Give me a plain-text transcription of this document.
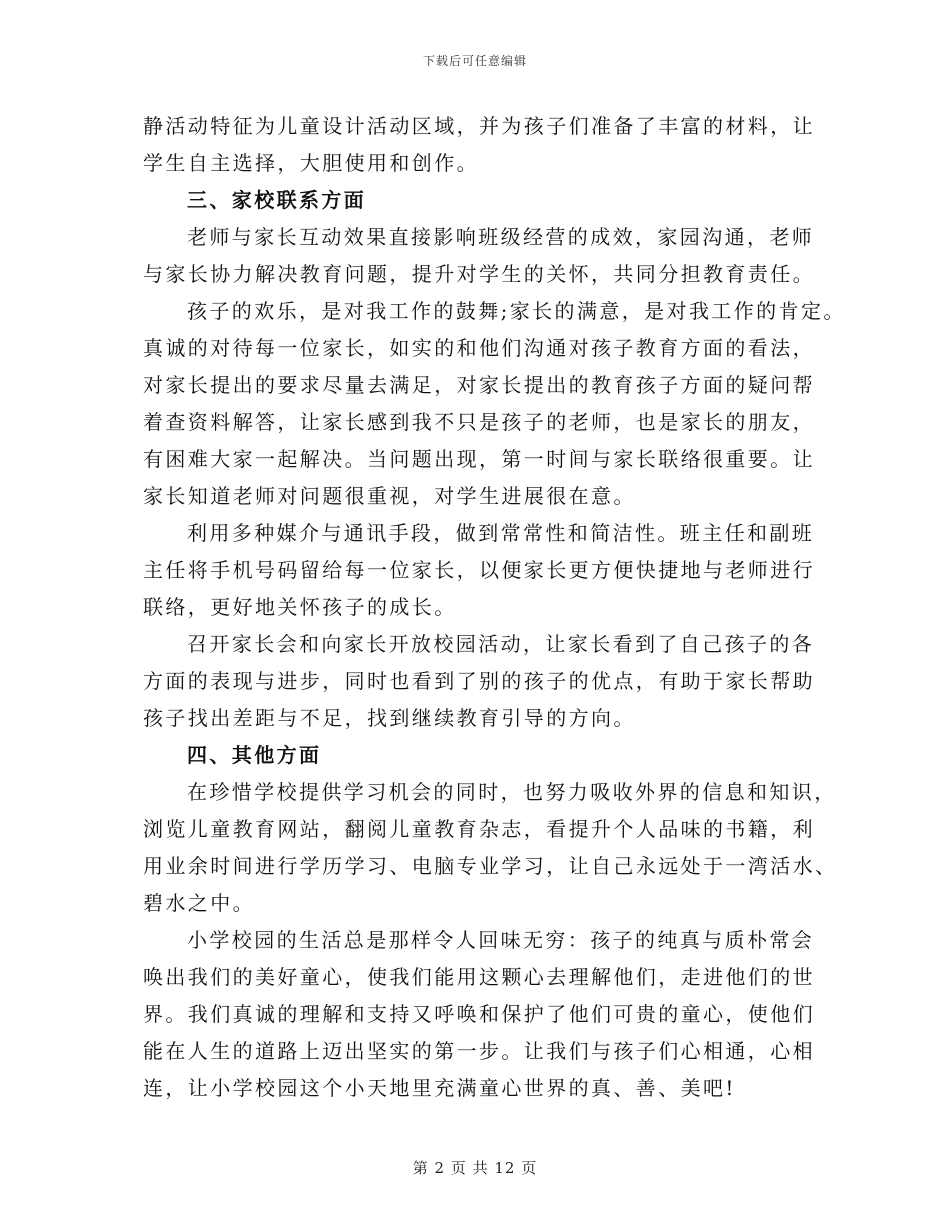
下载后可任意编辑

静活动特征为儿童设计活动区域，并为孩子们准备了丰富的材料，让
学生自主选择，大胆使用和创作。

三、家校联系方面

老师与家长互动效果直接影响班级经营的成效，家园沟通，老师
与家长协力解决教育问题，提升对学生的关怀，共同分担教育责任。

孩子的欢乐，是对我工作的鼓舞;家长的满意，是对我工作的肯定。
真诚的对待每一位家长，如实的和他们沟通对孩子教育方面的看法，
对家长提出的要求尽量去满足，对家长提出的教育孩子方面的疑问帮
着查资料解答，让家长感到我不只是孩子的老师，也是家长的朋友，
有困难大家一起解决。当问题出现，第一时间与家长联络很重要。让
家长知道老师对问题很重视，对学生进展很在意。

利用多种媒介与通讯手段，做到常常性和简洁性。班主任和副班
主任将手机号码留给每一位家长，以便家长更方便快捷地与老师进行
联络，更好地关怀孩子的成长。

召开家长会和向家长开放校园活动，让家长看到了自己孩子的各
方面的表现与进步，同时也看到了别的孩子的优点，有助于家长帮助
孩子找出差距与不足，找到继续教育引导的方向。

四、其他方面

在珍惜学校提供学习机会的同时，也努力吸收外界的信息和知识，
浏览儿童教育网站，翻阅儿童教育杂志，看提升个人品味的书籍，利
用业余时间进行学历学习、电脑专业学习，让自己永远处于一湾活水、
碧水之中。

小学校园的生活总是那样令人回味无穷：孩子的纯真与质朴常会
唤出我们的美好童心，使我们能用这颗心去理解他们，走进他们的世
界。我们真诚的理解和支持又呼唤和保护了他们可贵的童心，使他们
能在人生的道路上迈出坚实的第一步。让我们与孩子们心相通，心相
连，让小学校园这个小天地里充满童心世界的真、善、美吧!

第 2 页 共 12 页
